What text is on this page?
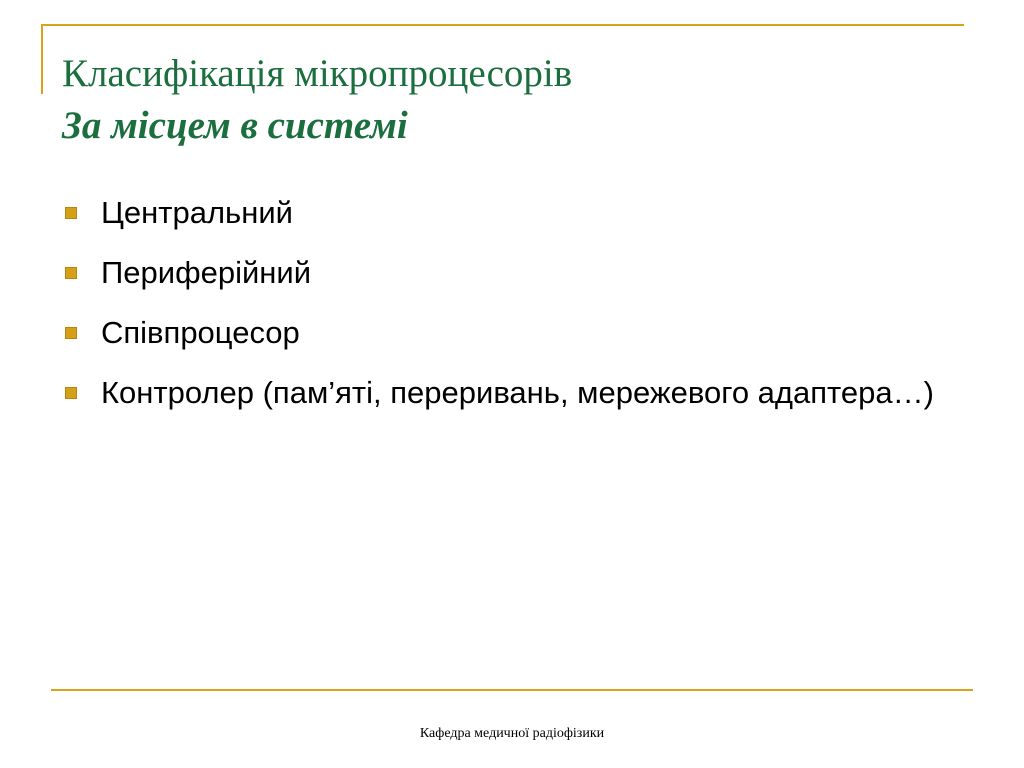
Класифікація мікропроцесорів
За місцем в системі
Центральний
Периферійний
Співпроцесор
Контролер (пам’яті, переривань, мережевого адаптера…)
Кафедра медичної радіофізики
